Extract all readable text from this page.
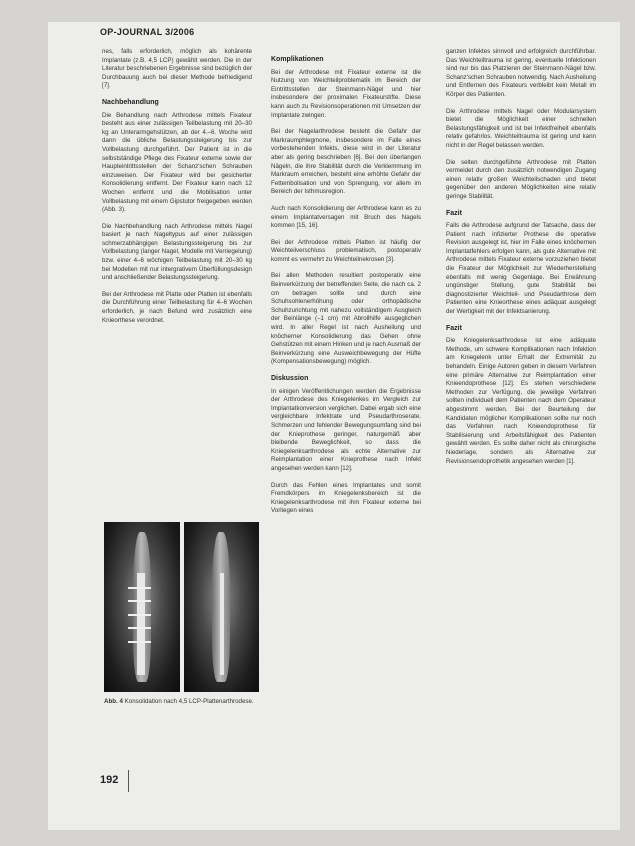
OP-JOURNAL 3/2006

nes, falls erforderlich, möglich als kohärente Implantate (z.B. 4,5 LCP) gewählt werden. Die in der Literatur beschriebenen Ergebnisse sind bezüglich der Durchbauung auch bei dieser Methode befriedigend [7].

Nachbehandlung

Die Behandlung nach Arthrodese mittels Fixateur besteht aus einer zulässigen Teilbelastung mit 20–30 kg an Unterarmgehstützen, ab der 4.–6. Woche wird dann die übliche Belastungssteigerung bis zur Vollbelastung durchgeführt. Der Patient ist in die selbstständige Pflege des Fixateur externe sowie der Haupteintrittsstellen der Schanz'schen Schrauben einzuweisen. Der Fixateur wird bei gesicherter Konsolidierung entfernt. Der Fixateur kann nach 12 Wochen entfernt und die Mobilisation unter Vollbelastung mit einem Gipstutor freigegeben werden (Abb. 3).

Die Nachbehandlung nach Arthrodese mittels Nagel basiert je nach Nageltypus auf einer zulässigen schmerzabhängigen Belastungssteigerung bis zur Vollbelastung (langer Nagel, Modelle mit Verriegelung) bzw. einer 4–6 wöchigen Teilbelastung mit 20–30 kg bei Modellen mit nur intergrativem Überfüllungsdesign und anschließender Belastungssteigerung.

Bei der Arthrodese mit Platte oder Platten ist ebenfalls die Durchführung einer Teilbelastung für 4–6 Wochen erforderlich, je nach Befund wird zusätzlich eine Knieorthese verordnet.

Komplikationen

Bei der Arthrodese mit Fixateur externe ist die Nutzung von Weichteilproblematik im Bereich der Eintrittsstellen der Steinmann-Nägel und hier insbesondere der proximalen Fixateurstifte. Diese kann auch zu Revisionsoperationen mit Umsetzen der Implantate zwingen.

Bei der Nagelarthrodese besteht die Gefahr der Markraumphlegmone, insbesondere im Falle eines vorbestehenden Infekts, diese wird in der Literatur aber als gering beschrieben [6]. Bei den überlangen Nägeln, die ihre Stabilität durch die Verklemmung im Markraum erreichen, besteht eine erhöhte Gefahr der Fettembolisation und von Sprengung, vor allem im Bereich der Isthmusregion.

Auch nach Konsolidierung der Arthrodese kann es zu einem Implantatversagen mit Bruch des Nagels kommen [15, 16].

Bei der Arthrodese mittels Platten ist häufig der Weichteilverschluss problematisch, postoperativ kommt es vermehrt zu Weichteilnekrosen [3].

Bei allen Methoden resultiert postoperativ eine Beinverkürzung der betreffenden Seite, die nach ca. 2 cm betragen sollte und durch eine Schuhsohlenerhöhung oder orthopädische Schuhzurichtung mit nahezu vollständigem Ausgleich der Beinlänge (–1 cm) mit Abrollhilfe ausgeglichen wird. In aller Regel ist nach Ausheilung und knöcherner Konsolidierung das Gehen ohne Gehstützen mit einem Hinken und je nach Ausmaß der Beinverkürzung eine Ausweichbewegung der Hüfte (Kompensationsbewegung) möglich.

Diskussion

In einigen Veröffentlichungen werden die Ergebnisse der Arthrodese des Kniegelenkes im Vergleich zur Implantatkonversion verglichen. Dabei ergab sich eine vergleichbare Infektrate und Pseudarthroserate. Schmerzen und fehlender Bewegungsumfang sind bei der Knieprothese geringer, naturgemäß aber bleibende Beweglichkeit, so dass die Kniegelenksarthrodese als echte Alternative zur Reimplantation einer Knieprothese nach Infekt angesehen werden kann [12].

Durch das Fehlen eines Implantates und somit Fremdkörpers im Kniegelenksbereich ist die Kniegelenksarthrodese mit ihm Fixateur externe bei Vorliegen eines

ganzen Infektes sinnvoll und erfolgreich durchführbar. Das Weichteiltrauma ist gering, eventuelle Infektionen sind nur bis das Platzieren der Steinmann-Nägel bzw. Schanz'schen Schrauben notwendig. Nach Ausheilung und Entfernen des Fixateurs verbleibt kein Metall im Körper des Patienten.

Die Arthrodese mittels Nagel oder Modularsystem bietet die Möglichkeit einer schnellen Belastungsfähigkeit und ist bei Infektfreiheit ebenfalls relativ gefahrlos. Weichteiltrauma ist gering und kann nicht in der Regel belassen werden.

Die selten durchgeführte Arthrodese mit Platten vermeidet durch den zusätzlich notwendigen Zugang einen relativ großen Weichteilschaden und bietet gegenüber den anderen Möglichkeiten eine relativ geringe Stabilität.

Fazit

Falls die Arthrodese aufgrund der Tatsache, dass der Patient nach infizierter Prothese die operative Revision ausgelegt ist, hier im Falle eines knöchernen Implantatfehlers erfolgen kann, als gute Alternative mit Arthrodese mittels Fixateur externe vorzuziehen bietet die Fixateur der Möglichkeit zur Wiederherstellung ebenfalls mit wenig Gegenlage. Bei Erwähnung ungünstiger Stellung, gute Stabilität bei diagnostizierter Weichteil- und Pseudarthrose dem Patienten eine Knieorthese eines adäquat ausgelegt der Wertigkeit mit der Infektsanierung.

Fazit

Die Kniegelenksarthrodese ist eine adäquate Methode, um schwere Komplikationen nach Infektion am Kniegelenk unter Erhalt der Extremität zu behandeln. Einige Autoren geben in diesem Verfahren eine primäre Alternative zur Reimplantation einer Knieendoprothese [12]. Es stehen verschiedene Methoden zur Verfügung, die jeweilige Verfahren sollten individuell dem Patienten nach dem Operateur abgestimmt werden. Bei der Beurteilung der Kandidaten möglicher Komplikationen sollte nur noch das Verfahren nach Knieendoprothese für Stabilisierung und Arbeitsfähigkeit des Patienten gewählt werden. Es sollte daher nicht als chirurgische Niederlage, sondern als Alternative zur Revisionsendoprothetik angesehen werden [1].

Abb. 4 Konsolidation nach 4,5 LCP-Plattenarthrodese.
192
